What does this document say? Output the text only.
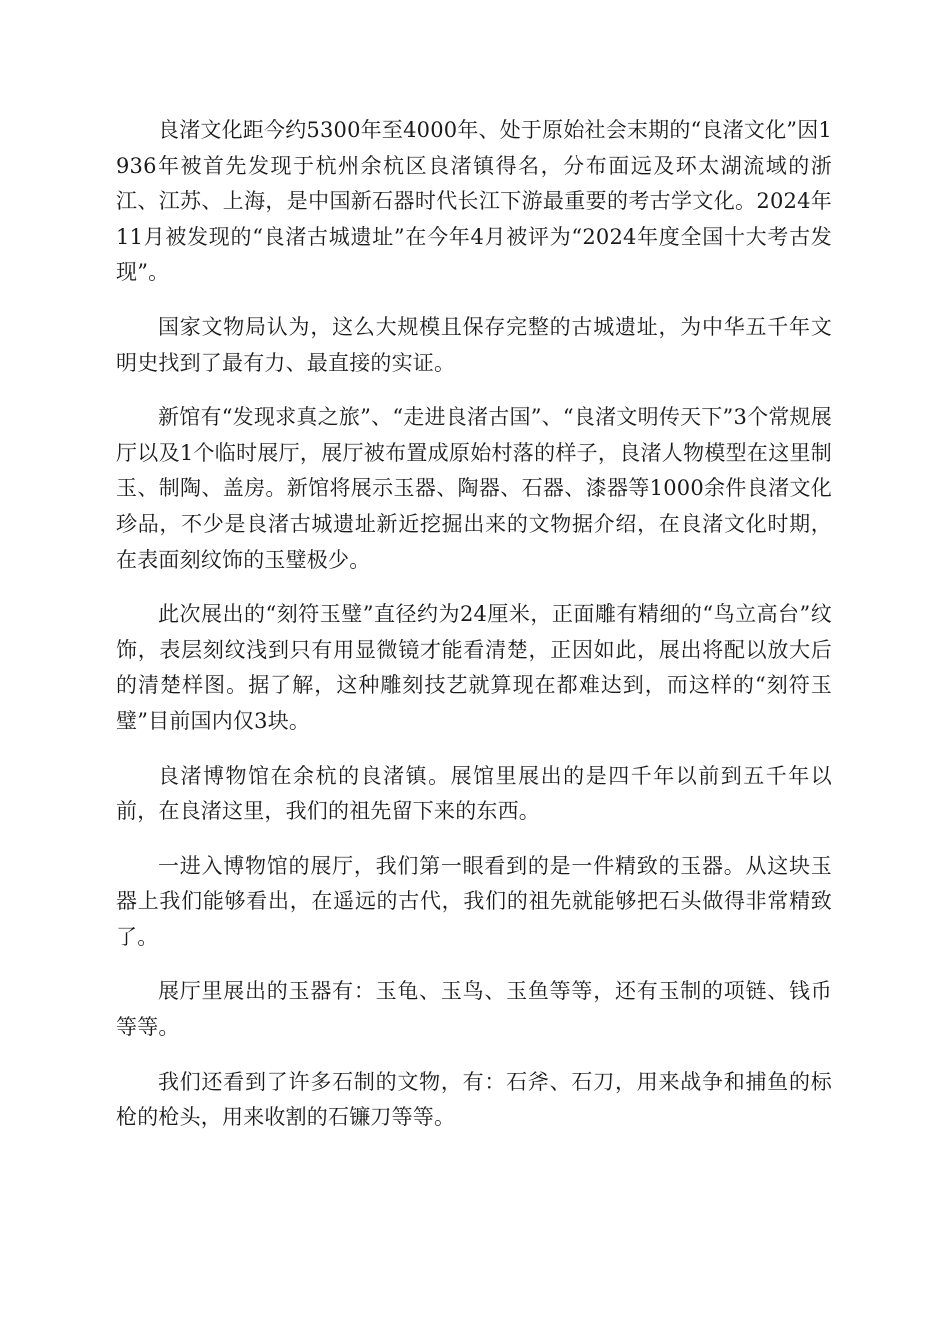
良渚文化距今约5300年至4000年、处于原始社会末期的“良渚文化”因1936年被首先发现于杭州余杭区良渚镇得名，分布面远及环太湖流域的浙江、江苏、上海，是中国新石器时代长江下游最重要的考古学文化。2024年11月被发现的“良渚古城遗址”在今年4月被评为“2024年度全国十大考古发现”。

国家文物局认为，这么大规模且保存完整的古城遗址，为中华五千年文明史找到了最有力、最直接的实证。

新馆有“发现求真之旅”、“走进良渚古国”、“良渚文明传天下”3个常规展厅以及1个临时展厅，展厅被布置成原始村落的样子，良渚人物模型在这里制玉、制陶、盖房。新馆将展示玉器、陶器、石器、漆器等1000余件良渚文化珍品，不少是良渚古城遗址新近挖掘出来的文物据介绍，在良渚文化时期，在表面刻纹饰的玉璧极少。

此次展出的“刻符玉璧”直径约为24厘米，正面雕有精细的“鸟立高台”纹饰，表层刻纹浅到只有用显微镜才能看清楚，正因如此，展出将配以放大后的清楚样图。据了解，这种雕刻技艺就算现在都难达到，而这样的“刻符玉璧”目前国内仅3块。

良渚博物馆在余杭的良渚镇。展馆里展出的是四千年以前到五千年以前，在良渚这里，我们的祖先留下来的东西。

一进入博物馆的展厅，我们第一眼看到的是一件精致的玉器。从这块玉器上我们能够看出，在遥远的古代，我们的祖先就能够把石头做得非常精致了。

展厅里展出的玉器有：玉龟、玉鸟、玉鱼等等，还有玉制的项链、钱币等等。

我们还看到了许多石制的文物，有：石斧、石刀，用来战争和捕鱼的标枪的枪头，用来收割的石镰刀等等。
